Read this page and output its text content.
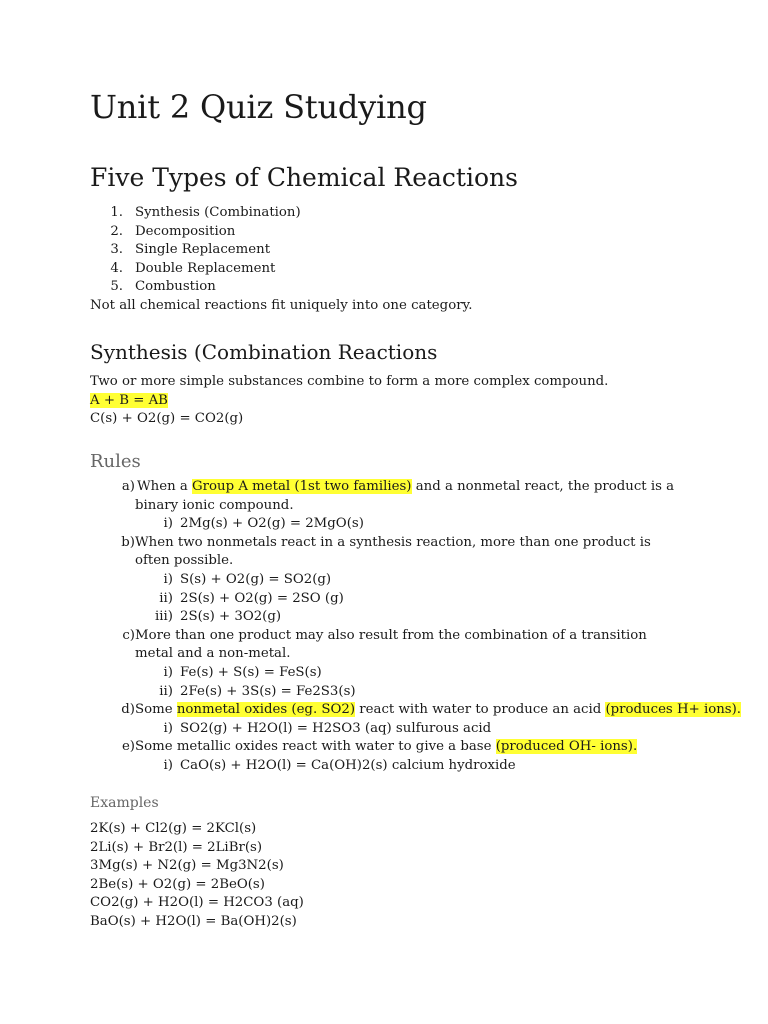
Unit 2 Quiz Studying
Five Types of Chemical Reactions
1. Synthesis (Combination)
2. Decomposition
3. Single Replacement
4. Double Replacement
5. Combustion
Not all chemical reactions fit uniquely into one category.
Synthesis (Combination Reactions
Two or more simple substances combine to form a more complex compound.
A + B = AB
C(s) + O2(g) = CO2(g)
Rules
a) When a Group A metal (1st two families) and a nonmetal react, the product is a binary ionic compound.
i) 2Mg(s) + O2(g) = 2MgO(s)
b) When two nonmetals react in a synthesis reaction, more than one product is often possible.
i) S(s) + O2(g) = SO2(g)
ii) 2S(s) + O2(g) = 2SO (g)
iii) 2S(s) + 3O2(g)
c) More than one product may also result from the combination of a transition metal and a non-metal.
i) Fe(s) + S(s) = FeS(s)
ii) 2Fe(s) + 3S(s) = Fe2S3(s)
d) Some nonmetal oxides (eg. SO2) react with water to produce an acid (produces H+ ions).
i) SO2(g) + H2O(l) = H2SO3 (aq) sulfurous acid
e) Some metallic oxides react with water to give a base (produced OH- ions).
i) CaO(s) + H2O(l) = Ca(OH)2(s) calcium hydroxide
Examples
2K(s) + Cl2(g) = 2KCl(s)
2Li(s) + Br2(l) = 2LiBr(s)
3Mg(s) + N2(g) = Mg3N2(s)
2Be(s) + O2(g) = 2BeO(s)
CO2(g) + H2O(l) = H2CO3 (aq)
BaO(s) + H2O(l) = Ba(OH)2(s)
